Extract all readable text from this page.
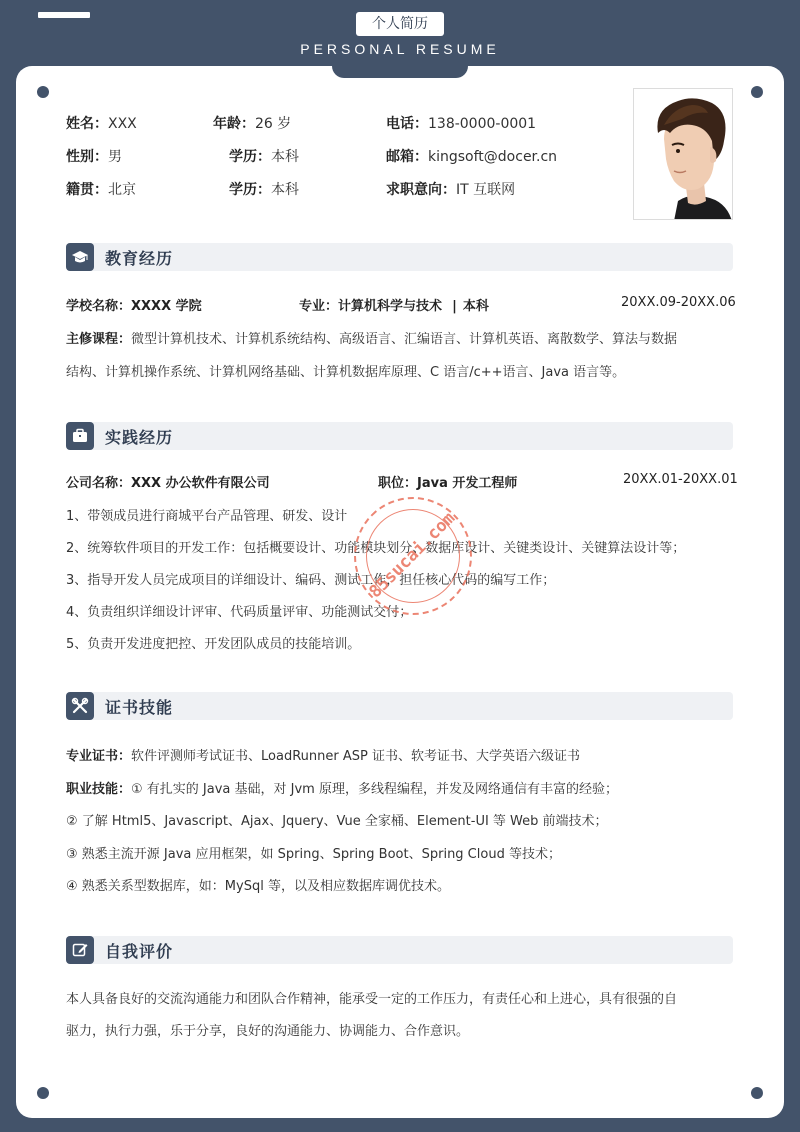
个人简历
PERSONAL RESUME
姓名：XXX	年龄：26 岁	电话：138-0000-0001
性别：男	学历：本科	邮箱：kingsoft@docer.cn
籍贯：北京	学历：本科	求职意向：IT 互联网
教育经历
学校名称：XXXX 学院	专业：计算机科学与技术 | 本科	20XX.09-20XX.06
主修课程：微型计算机技术、计算机系统结构、高级语言、汇编语言、计算机英语、离散数学、算法与数据
结构、计算机操作系统、计算机网络基础、计算机数据库原理、C 语言/c++语言、Java 语言等。
实践经历
公司名称：XXX 办公软件有限公司	职位：Java 开发工程师	20XX.01-20XX.01
1、带领成员进行商城平台产品管理、研发、设计
2、统筹软件项目的开发工作：包括概要设计、功能模块划分、数据库设计、关键类设计、关键算法设计等；
3、指导开发人员完成项目的详细设计、编码、测试工作，担任核心代码的编写工作；
4、负责组织详细设计评审、代码质量评审、功能测试交付；
5、负责开发进度把控、开发团队成员的技能培训。
85sucai.com
证书技能
专业证书：软件评测师考试证书、LoadRunner ASP 证书、软考证书、大学英语六级证书
职业技能：① 有扎实的 Java 基础，对 Jvm 原理，多线程编程，并发及网络通信有丰富的经验；
② 了解 Html5、Javascript、Ajax、Jquery、Vue 全家桶、Element-UI 等 Web 前端技术；
③ 熟悉主流开源 Java 应用框架，如 Spring、Spring Boot、Spring Cloud 等技术；
④ 熟悉关系型数据库，如：MySql 等，以及相应数据库调优技术。
自我评价
本人具备良好的交流沟通能力和团队合作精神，能承受一定的工作压力，有责任心和上进心，具有很强的自
驱力，执行力强，乐于分享，良好的沟通能力、协调能力、合作意识。
